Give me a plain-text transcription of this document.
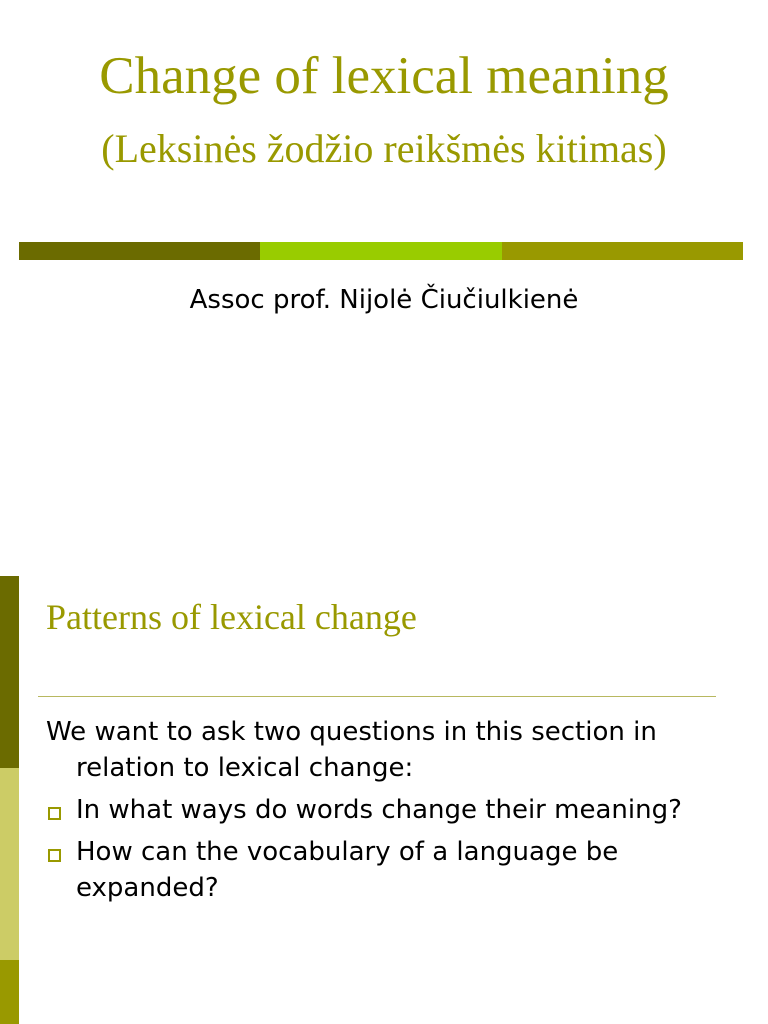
Change of lexical meaning
(Leksinės žodžio reikšmės kitimas)
Assoc prof. Nijolė Čiučiulkienė
Patterns of lexical change

We want to ask two questions in this section in relation to lexical change:

In what ways do words change their meaning?
How can the vocabulary of a language be expanded?
